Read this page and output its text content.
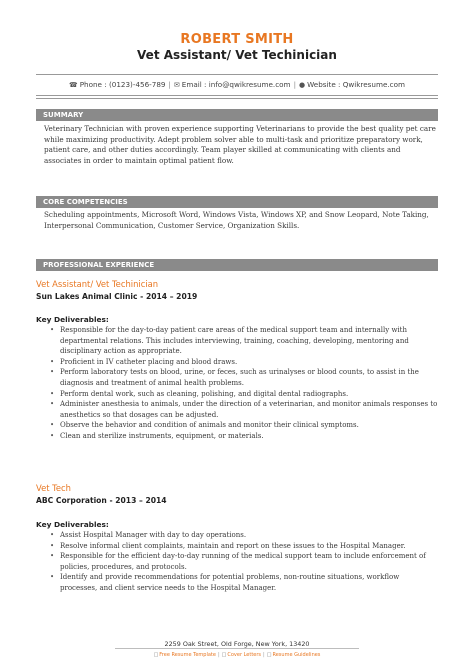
ROBERT SMITH
Vet Assistant/ Vet Techinician
☎ Phone : (0123)-456-789 | ✉ Email : info@qwikresume.com | ● Website : Qwikresume.com
SUMMARY

Veterinary Technician with proven experience supporting Veterinarians to provide the best quality pet care while maximizing productivity. Adept problem solver able to multi-task and prioritize preparatory work, patient care, and other duties accordingly. Team player skilled at communicating with clients and associates in order to maintain optimal patient flow.

CORE COMPETENCIES

Scheduling appointments, Microsoft Word, Windows Vista, Windows XP, and Snow Leopard, Note Taking, Interpersonal Communication, Customer Service, Organization Skills.

PROFESSIONAL EXPERIENCE
Vet Assistant/ Vet Techinician
Sun Lakes Animal Clinic - 2014 – 2019
Key Deliverables:
• Responsible for the day-to-day patient care areas of the medical support team and internally with departmental relations. This includes interviewing, training, coaching, developing, mentoring and disciplinary action as appropriate.
• Proficient in IV catheter placing and blood draws.
• Perform laboratory tests on blood, urine, or feces, such as urinalyses or blood counts, to assist in the diagnosis and treatment of animal health problems.
• Perform dental work, such as cleaning, polishing, and digital dental radiographs.
• Administer anesthesia to animals, under the direction of a veterinarian, and monitor animals responses to anesthetics so that dosages can be adjusted.
• Observe the behavior and condition of animals and monitor their clinical symptoms.
• Clean and sterilize instruments, equipment, or materials.
Vet Tech
ABC Corporation - 2013 – 2014
Key Deliverables:
• Assist Hospital Manager with day to day operations.
• Resolve informal client complaints, maintain and report on these issues to the Hospital Manager.
• Responsible for the efficient day-to-day running of the medical support team to include enforcement of policies, procedures, and protocols.
• Identify and provide recommendations for potential problems, non-routine situations, workflow processes, and client service needs to the Hospital Manager.
2259 Oak Street, Old Forge, New York, 13420
□Free Resume Template | □Cover Letters | □Resume Guidelines
